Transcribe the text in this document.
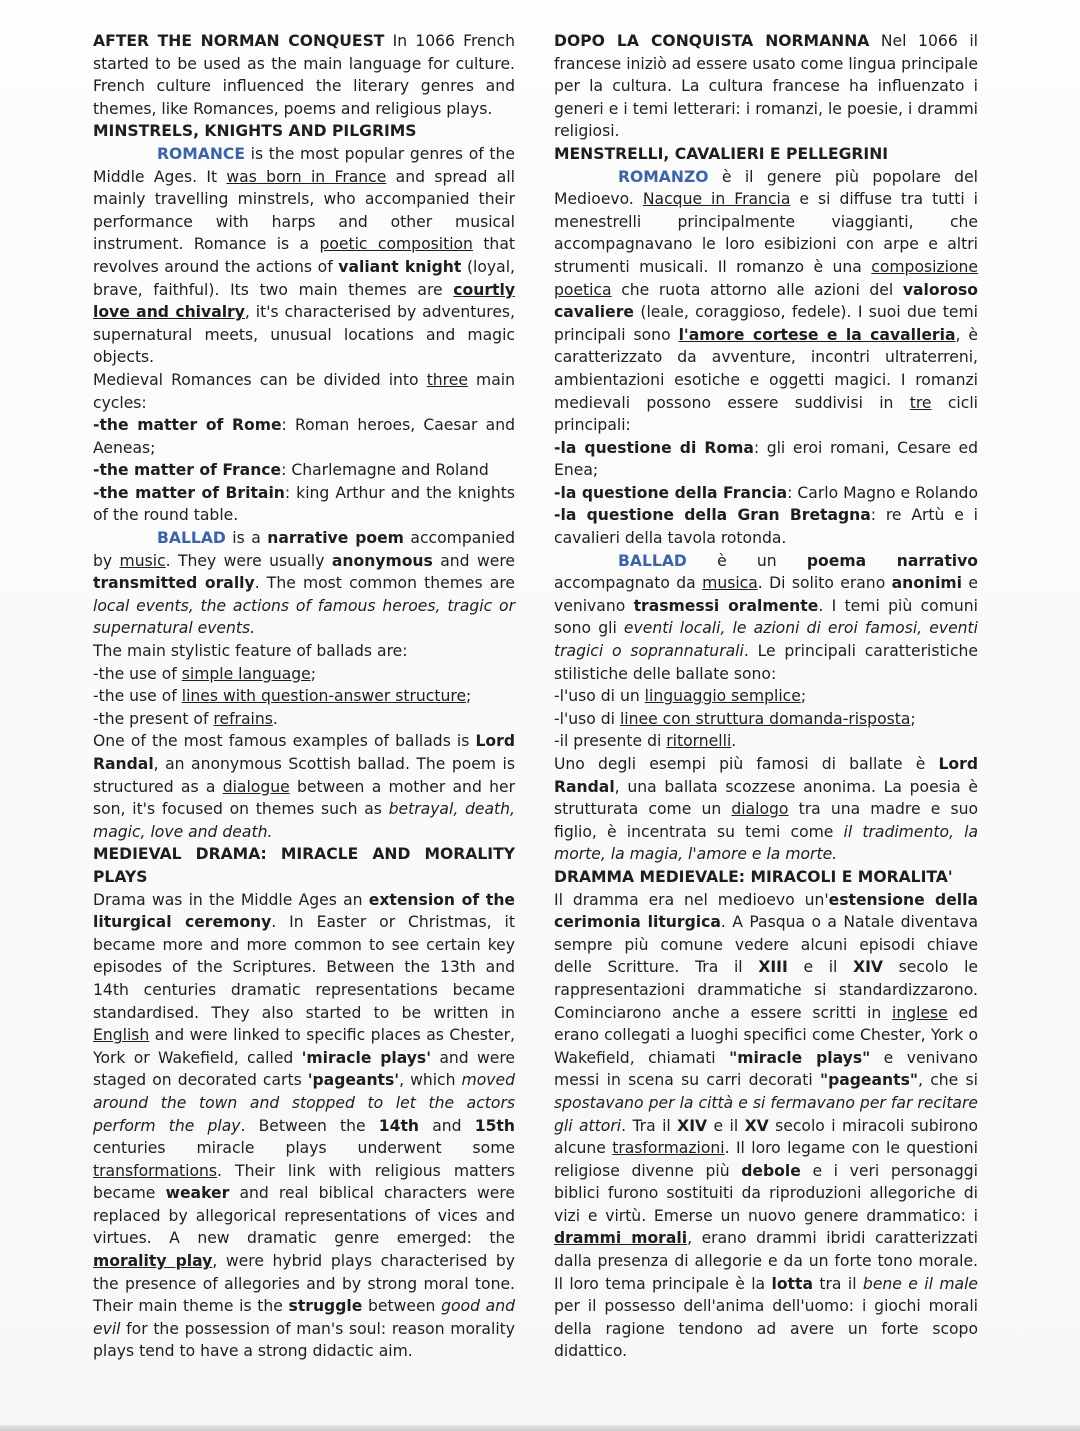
AFTER THE NORMAN CONQUEST In 1066 French started to be used as the main language for culture. French culture influenced the literary genres and themes, like Romances, poems and religious plays.

MINSTRELS, KNIGHTS AND PILGRIMS

ROMANCE is the most popular genres of the Middle Ages. It was born in France and spread all mainly travelling minstrels, who accompanied their performance with harps and other musical instrument. Romance is a poetic composition that revolves around the actions of valiant knight (loyal, brave, faithful). Its two main themes are courtly love and chivalry, it's characterised by adventures, supernatural meets, unusual locations and magic objects.

Medieval Romances can be divided into three main cycles:

-the matter of Rome: Roman heroes, Caesar and Aeneas;

-the matter of France: Charlemagne and Roland

-the matter of Britain: king Arthur and the knights of the round table.

BALLAD is a narrative poem accompanied by music. They were usually anonymous and were transmitted orally. The most common themes are local events, the actions of famous heroes, tragic or supernatural events.

The main stylistic feature of ballads are:

-the use of simple language;

-the use of lines with question-answer structure;

-the present of refrains.

One of the most famous examples of ballads is Lord Randal, an anonymous Scottish ballad. The poem is structured as a dialogue between a mother and her son, it's focused on themes such as betrayal, death, magic, love and death.

MEDIEVAL DRAMA: MIRACLE AND MORALITY PLAYS

Drama was in the Middle Ages an extension of the liturgical ceremony. In Easter or Christmas, it became more and more common to see certain key episodes of the Scriptures. Between the 13th and 14th centuries dramatic representations became standardised. They also started to be written in English and were linked to specific places as Chester, York or Wakefield, called 'miracle plays' and were staged on decorated carts 'pageants', which moved around the town and stopped to let the actors perform the play. Between the 14th and 15th centuries miracle plays underwent some transformations. Their link with religious matters became weaker and real biblical characters were replaced by allegorical representations of vices and virtues. A new dramatic genre emerged: the morality play, were hybrid plays characterised by the presence of allegories and by strong moral tone. Their main theme is the struggle between good and evil for the possession of man's soul: reason morality plays tend to have a strong didactic aim.

DOPO LA CONQUISTA NORMANNA Nel 1066 il francese iniziò ad essere usato come lingua principale per la cultura. La cultura francese ha influenzato i generi e i temi letterari: i romanzi, le poesie, i drammi religiosi.

MENSTRELLI, CAVALIERI E PELLEGRINI

ROMANZO è il genere più popolare del Medioevo. Nacque in Francia e si diffuse tra tutti i menestrelli principalmente viaggianti, che accompagnavano le loro esibizioni con arpe e altri strumenti musicali. Il romanzo è una composizione poetica che ruota attorno alle azioni del valoroso cavaliere (leale, coraggioso, fedele). I suoi due temi principali sono l'amore cortese e la cavalleria, è caratterizzato da avventure, incontri ultraterreni, ambientazioni esotiche e oggetti magici. I romanzi medievali possono essere suddivisi in tre cicli principali:

-la questione di Roma: gli eroi romani, Cesare ed Enea;

-la questione della Francia: Carlo Magno e Rolando -la questione della Gran Bretagna: re Artù e i cavalieri della tavola rotonda.

BALLAD è un poema narrativo accompagnato da musica. Di solito erano anonimi e venivano trasmessi oralmente. I temi più comuni sono gli eventi locali, le azioni di eroi famosi, eventi tragici o soprannaturali. Le principali caratteristiche stilistiche delle ballate sono:

-l'uso di un linguaggio semplice;

-l'uso di linee con struttura domanda-risposta;

-il presente di ritornelli.

Uno degli esempi più famosi di ballate è Lord Randal, una ballata scozzese anonima. La poesia è strutturata come un dialogo tra una madre e suo figlio, è incentrata su temi come il tradimento, la morte, la magia, l'amore e la morte.

DRAMMA MEDIEVALE: MIRACOLI E MORALITA'

Il dramma era nel medioevo un'estensione della cerimonia liturgica. A Pasqua o a Natale diventava sempre più comune vedere alcuni episodi chiave delle Scritture. Tra il XIII e il XIV secolo le rappresentazioni drammatiche si standardizzarono. Cominciarono anche a essere scritti in inglese ed erano collegati a luoghi specifici come Chester, York o Wakefield, chiamati "miracle plays" e venivano messi in scena su carri decorati "pageants", che si spostavano per la città e si fermavano per far recitare gli attori. Tra il XIV e il XV secolo i miracoli subirono alcune trasformazioni. Il loro legame con le questioni religiose divenne più debole e i veri personaggi biblici furono sostituiti da riproduzioni allegoriche di vizi e virtù. Emerse un nuovo genere drammatico: i drammi morali, erano drammi ibridi caratterizzati dalla presenza di allegorie e da un forte tono morale. Il loro tema principale è la lotta tra il bene e il male per il possesso dell'anima dell'uomo: i giochi morali della ragione tendono ad avere un forte scopo didattico.
